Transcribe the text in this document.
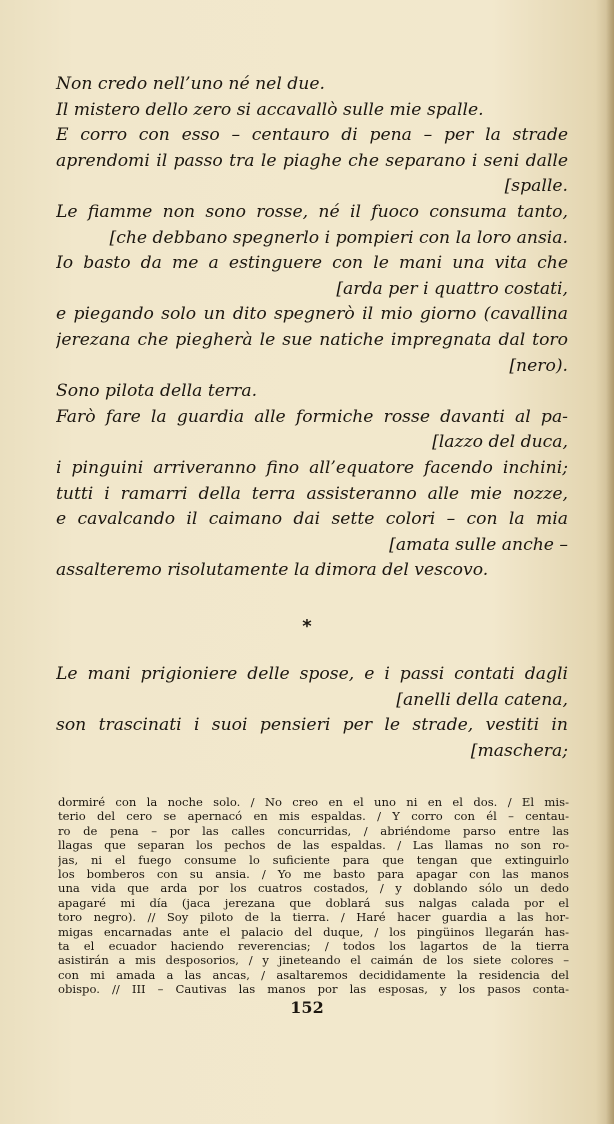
Non credo nell’uno né nel due.
Il mistero dello zero si accavallò sulle mie spalle.
E corro con esso – centauro di pena – per la strade
aprendomi il passo tra le piaghe che separano i seni dalle
[spalle.
Le fiamme non sono rosse, né il fuoco consuma tanto,
[che debbano spegnerlo i pompieri con la loro ansia.
Io basto da me a estinguere con le mani una vita che
[arda per i quattro costati,
e piegando solo un dito spegnerò il mio giorno (cavallina
jerezana che piegherà le sue natiche impregnata dal toro
[nero).
Sono pilota della terra.
Farò fare la guardia alle formiche rosse davanti al pa-
[lazzo del duca,
i pinguini arriveranno fino all’equatore facendo inchini;
tutti i ramarri della terra assisteranno alle mie nozze,
e cavalcando il caimano dai sette colori – con la mia
[amata sulle anche –
assalteremo risolutamente la dimora del vescovo.
*
Le mani prigioniere delle spose, e i passi contati dagli
[anelli della catena,
son trascinati i suoi pensieri per le strade, vestiti in
[maschera;
dormiré con la noche solo. / No creo en el uno ni en el dos. / El mis-
terio del cero se apernacó en mis espaldas. / Y corro con él – centau-
ro de pena – por las calles concurridas, / abriéndome parso entre las
llagas que separan los pechos de las espaldas. / Las llamas no son ro-
jas, ni el fuego consume lo suficiente para que tengan que extinguirlo
los bomberos con su ansia. / Yo me basto para apagar con las manos
una vida que arda por los cuatros costados, / y doblando sólo un dedo
apagaré mi día (jaca jerezana que doblará sus nalgas calada por el
toro negro). // Soy piloto de la tierra. / Haré hacer guardia a las hor-
migas encarnadas ante el palacio del duque, / los pingüinos llegarán has-
ta el ecuador haciendo reverencias; / todos los lagartos de la tierra
asistirán a mis desposorios, / y jineteando el caimán de los siete colores –
con mi amada a las ancas, / asaltaremos decididamente la residencia del
obispo. // III – Cautivas las manos por las esposas, y los pasos conta-
152
